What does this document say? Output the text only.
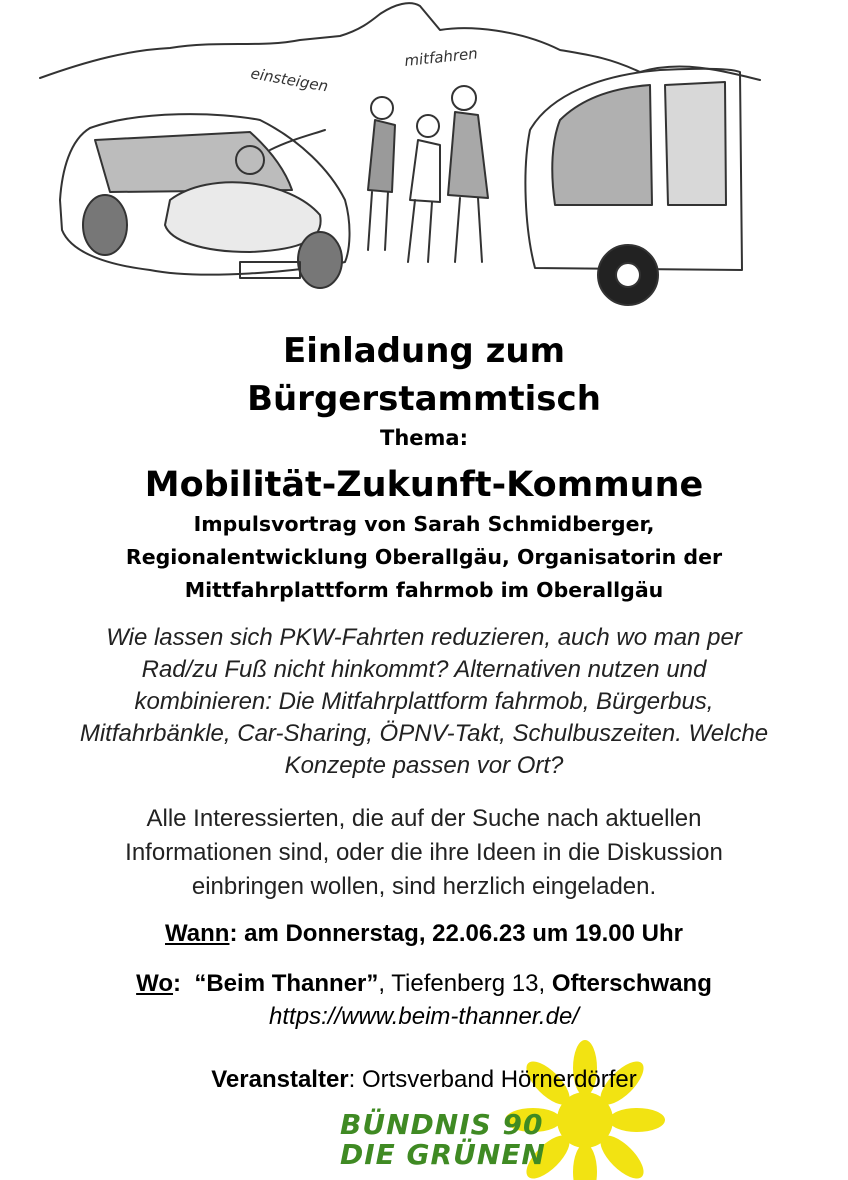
einsteigen
mitfahren
Einladung zum
Bürgerstammtisch
Thema:
Mobilität-Zukunft-Kommune
Impulsvortrag von Sarah Schmidberger,
Regionalentwicklung Oberallgäu, Organisatorin der
Mittfahrplattform fahrmob im Oberallgäu
Wie lassen sich PKW-Fahrten reduzieren, auch wo man per
Rad/zu Fuß nicht hinkommt? Alternativen nutzen und
kombinieren: Die Mitfahrplattform fahrmob, Bürgerbus,
Mitfahrbänkle, Car-Sharing, ÖPNV-Takt, Schulbuszeiten. Welche
Konzepte passen vor Ort?
Alle Interessierten, die auf der Suche nach aktuellen
Informationen sind, oder die ihre Ideen in die Diskussion
einbringen wollen, sind herzlich eingeladen.
Wann: am Donnerstag, 22.06.23 um 19.00 Uhr
Wo:  “Beim Thanner”, Tiefenberg 13, Ofterschwang
https://www.beim-thanner.de/
Veranstalter: Ortsverband Hörnerdörfer
BÜNDNIS 90
DIE GRÜNEN
